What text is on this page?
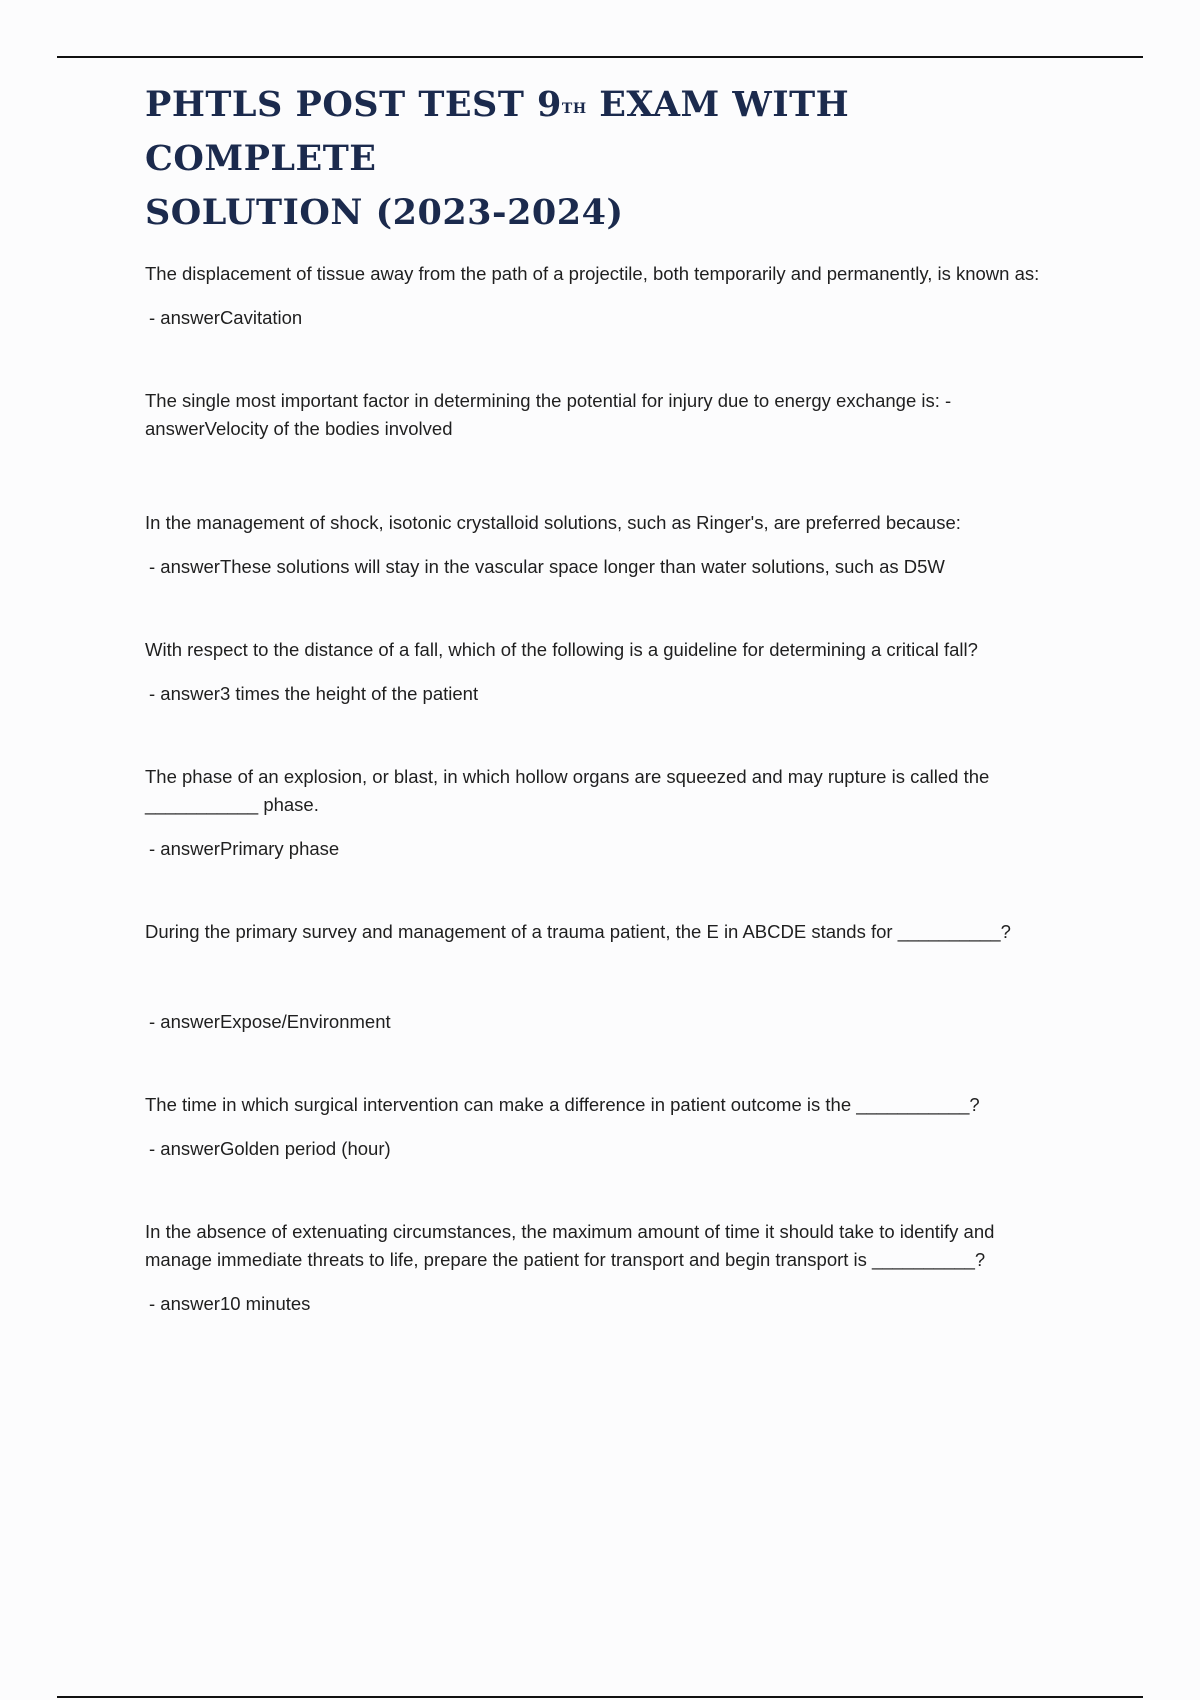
PHTLS POST TEST 9TH EXAM WITH COMPLETE
SOLUTION (2023-2024)

The displacement of tissue away from the path of a projectile, both temporarily and permanently, is known as:

- answerCavitation

The single most important factor in determining the potential for injury due to energy exchange is: - answerVelocity of the bodies involved

In the management of shock, isotonic crystalloid solutions, such as Ringer's, are preferred because:

- answerThese solutions will stay in the vascular space longer than water solutions, such as D5W

With respect to the distance of a fall, which of the following is a guideline for determining a critical fall?

- answer3 times the height of the patient

The phase of an explosion, or blast, in which hollow organs are squeezed and may rupture is called the ___________ phase.

- answerPrimary phase

During the primary survey and management of a trauma patient, the E in ABCDE stands for __________?

- answerExpose/Environment

The time in which surgical intervention can make a difference in patient outcome is the ___________?

- answerGolden period (hour)

In the absence of extenuating circumstances, the maximum amount of time it should take to identify and manage immediate threats to life, prepare the patient for transport and begin transport is __________?

- answer10 minutes
